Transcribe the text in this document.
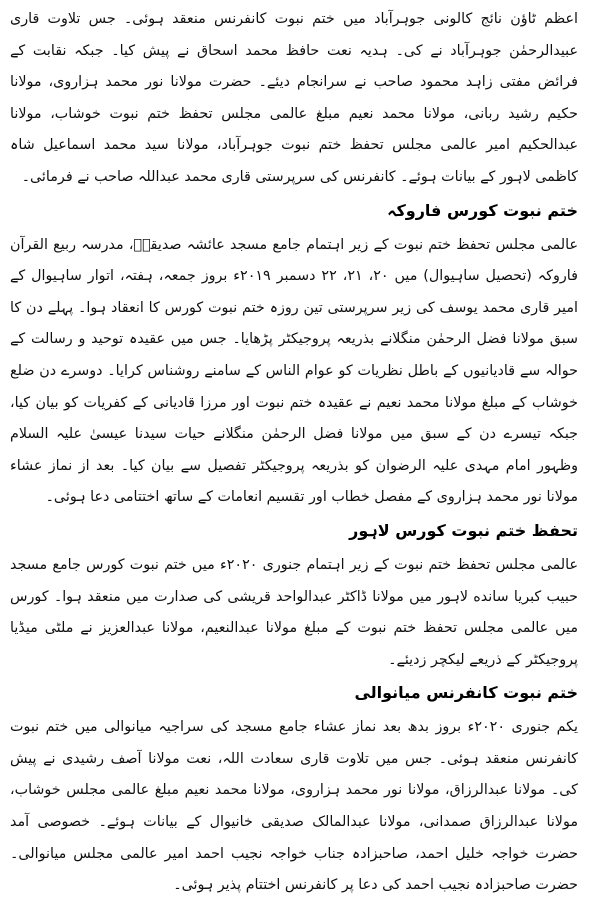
اعظم ٹاؤن نائج کالونی جوہرآباد میں ختم نبوت کانفرنس منعقد ہوئی۔ جس تلاوت قاری عبیدالرحمٰن جوہرآباد نے کی۔ ہدیہ نعت حافظ محمد اسحاق نے پیش کیا۔ جبکہ نقابت کے فرائض مفتی زاہد محمود صاحب نے سرانجام دیئے۔ حضرت مولانا نور محمد ہزاروی، مولانا حکیم رشید ربانی، مولانا محمد نعیم مبلغ عالمی مجلس تحفظ ختم نبوت خوشاب، مولانا عبدالحکیم امیر عالمی مجلس تحفظ ختم نبوت جوہرآباد، مولانا سید محمد اسماعیل شاہ کاظمی لاہور کے بیانات ہوئے۔ کانفرنس کی سرپرستی قاری محمد عبداللہ صاحب نے فرمائی۔

ختم نبوت کورس فاروکہ

عالمی مجلس تحفظ ختم نبوت کے زیر اہتمام جامع مسجد عائشہ صدیقہؓ، مدرسہ ربیع القرآن فاروکہ (تحصیل ساہیوال) میں ۲۰، ۲۱، ۲۲ دسمبر ۲۰۱۹ء بروز جمعہ، ہفتہ، اتوار ساہیوال کے امیر قاری محمد یوسف کی زیر سرپرستی تین روزہ ختم نبوت کورس کا انعقاد ہوا۔ پہلے دن کا سبق مولانا فضل الرحمٰن منگلانے بذریعہ پروجیکٹر پڑھایا۔ جس میں عقیدہ توحید و رسالت کے حوالہ سے قادیانیوں کے باطل نظریات کو عوام الناس کے سامنے روشناس کرایا۔ دوسرے دن ضلع خوشاب کے مبلغ مولانا محمد نعیم نے عقیدہ ختم نبوت اور مرزا قادیانی کے کفریات کو بیان کیا، جبکہ تیسرے دن کے سبق میں مولانا فضل الرحمٰن منگلانے حیات سیدنا عیسیٰ علیہ السلام وظہور امام مہدی علیہ الرضوان کو بذریعہ پروجیکٹر تفصیل سے بیان کیا۔ بعد از نماز عشاء مولانا نور محمد ہزاروی کے مفصل خطاب اور تقسیم انعامات کے ساتھ اختتامی دعا ہوئی۔

تحفظ ختم نبوت کورس لاہور

عالمی مجلس تحفظ ختم نبوت کے زیر اہتمام جنوری ۲۰۲۰ء میں ختم نبوت کورس جامع مسجد حبیب کبریا سانده لاہور میں مولانا ڈاکٹر عبدالواحد قریشی کی صدارت میں منعقد ہوا۔ کورس میں عالمی مجلس تحفظ ختم نبوت کے مبلغ مولانا عبدالنعیم، مولانا عبدالعزیز نے ملٹی میڈیا پروجیکٹر کے ذریعے لیکچر زدیئے۔

ختم نبوت کانفرنس میانوالی

یکم جنوری ۲۰۲۰ء بروز بدھ بعد نماز عشاء جامع مسجد کی سراجیہ میانوالی میں ختم نبوت کانفرنس منعقد ہوئی۔ جس میں تلاوت قاری سعادت اللہ، نعت مولانا آصف رشیدی نے پیش کی۔ مولانا عبدالرزاق، مولانا نور محمد ہزاروی، مولانا محمد نعیم مبلغ عالمی مجلس خوشاب، مولانا عبدالرزاق صمدانی، مولانا عبدالمالک صدیقی خانیوال کے بیانات ہوئے۔ خصوصی آمد حضرت خواجہ خلیل احمد، صاحبزادہ جناب خواجہ نجیب احمد امیر عالمی مجلس میانوالی۔ حضرت صاحبزادہ نجیب احمد کی دعا پر کانفرنس اختتام پذیر ہوئی۔
